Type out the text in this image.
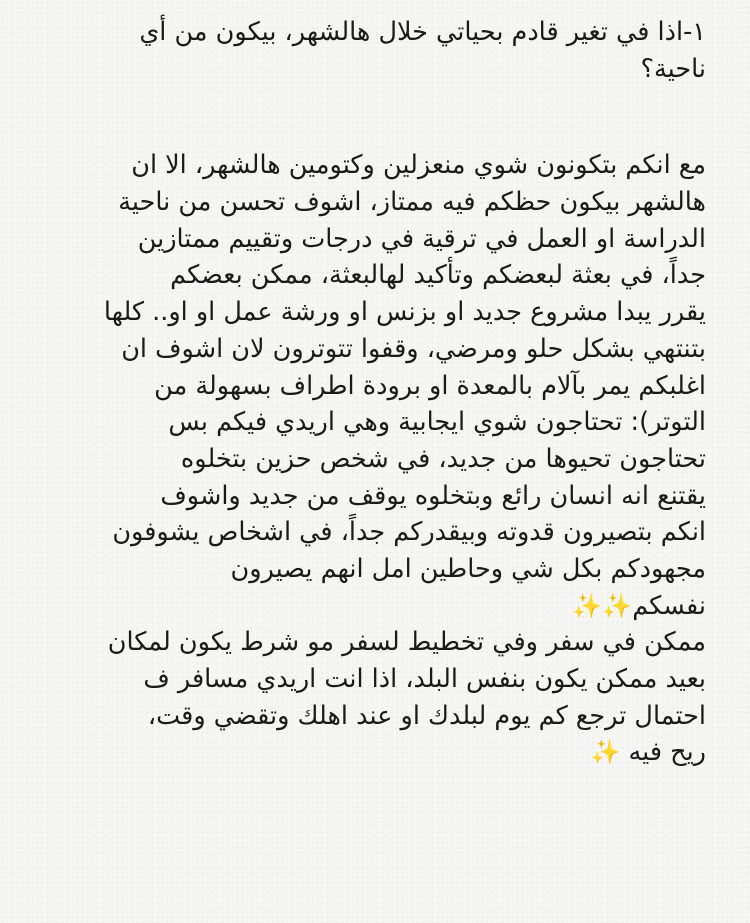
١-اذا في تغير قادم بحياتي خلال هالشهر، بيكون من أي
ناحية؟
مع انكم بتكونون شوي منعزلين وكتومين هالشهر، الا ان
هالشهر بيكون حظكم فيه ممتاز، اشوف تحسن من ناحية
الدراسة او العمل في ترقية في درجات وتقييم ممتازين
جداً، في بعثة لبعضكم وتأكيد لهالبعثة، ممكن بعضكم
يقرر يبدا مشروع جديد او بزنس او ورشة عمل او او.. كلها
بتنتهي بشكل حلو ومرضي، وقفوا تتوترون لان اشوف ان
اغلبكم يمر بآلام بالمعدة او برودة اطراف بسهولة من
التوتر): تحتاجون شوي ايجابية وهي اريدي فيكم بس
تحتاجون تحيوها من جديد، في شخص حزين بتخلوه
يقتنع انه انسان رائع وبتخلوه يوقف من جديد واشوف
انكم بتصيرون قدوته وبيقدركم جداً، في اشخاص يشوفون
مجهودكم بكل شي وحاطين امل انهم يصيرون
نفسكم✨✨
ممكن في سفر وفي تخطيط لسفر مو شرط يكون لمكان
بعيد ممكن يكون بنفس البلد، اذا انت اريدي مسافر ف
احتمال ترجع كم يوم لبلدك او عند اهلك وتقضي وقت،
ريح فيه ✨
